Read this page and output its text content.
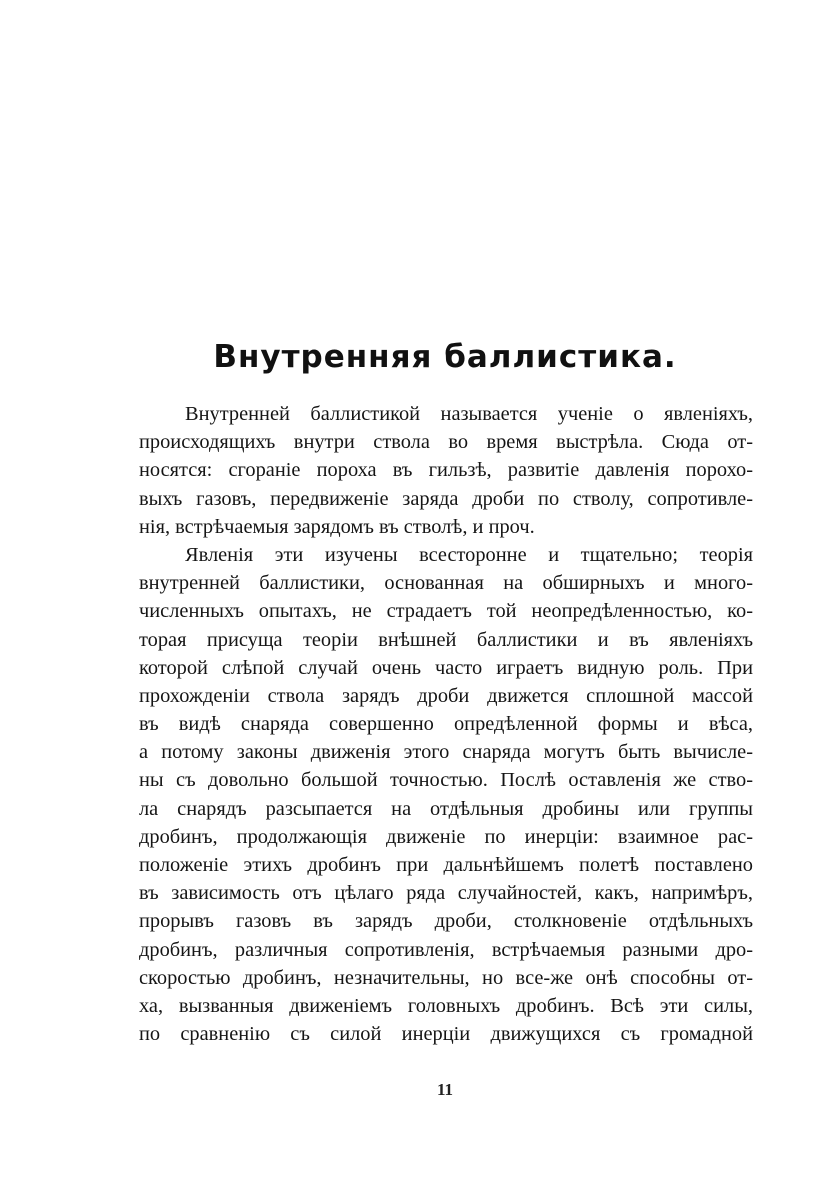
Внутренняя баллистика.
Внутренней баллистикой называется ученіе о явленіяхъ,
происходящихъ внутри ствола во время выстрѣла. Сюда от-
носятся: сгораніе пороха въ гильзѣ, развитіе давленія порохо-
выхъ газовъ, передвиженіе заряда дроби по стволу, сопротивле-
нія, встрѣчаемыя зарядомъ въ стволѣ, и проч.
Явленія эти изучены всесторонне и тщательно; теорія
внутренней баллистики, основанная на обширныхъ и много-
численныхъ опытахъ, не страдаетъ той неопредѣленностью, ко-
торая присуща теоріи внѣшней баллистики и въ явленіяхъ
которой слѣпой случай очень часто играетъ видную роль. При
прохожденіи ствола зарядъ дроби движется сплошной массой
въ видѣ снаряда совершенно опредѣленной формы и вѣса,
а потому законы движенія этого снаряда могутъ быть вычисле-
ны съ довольно большой точностью. Послѣ оставленія же ство-
ла снарядъ разсыпается на отдѣльныя дробины или группы
дробинъ, продолжающія движеніе по инерціи: взаимное рас-
положеніе этихъ дробинъ при дальнѣйшемъ полетѣ поставлено
въ зависимость отъ цѣлаго ряда случайностей, какъ, напримѣръ,
прорывъ газовъ въ зарядъ дроби, столкновеніе отдѣльныхъ
дробинъ, различныя сопротивленія, встрѣчаемыя разными дро-
скоростью дробинъ, незначительны, но все-же онѣ способны от-
ха, вызванныя движеніемъ головныхъ дробинъ. Всѣ эти силы,
по сравненію съ силой инерціи движущихся съ громадной
11
